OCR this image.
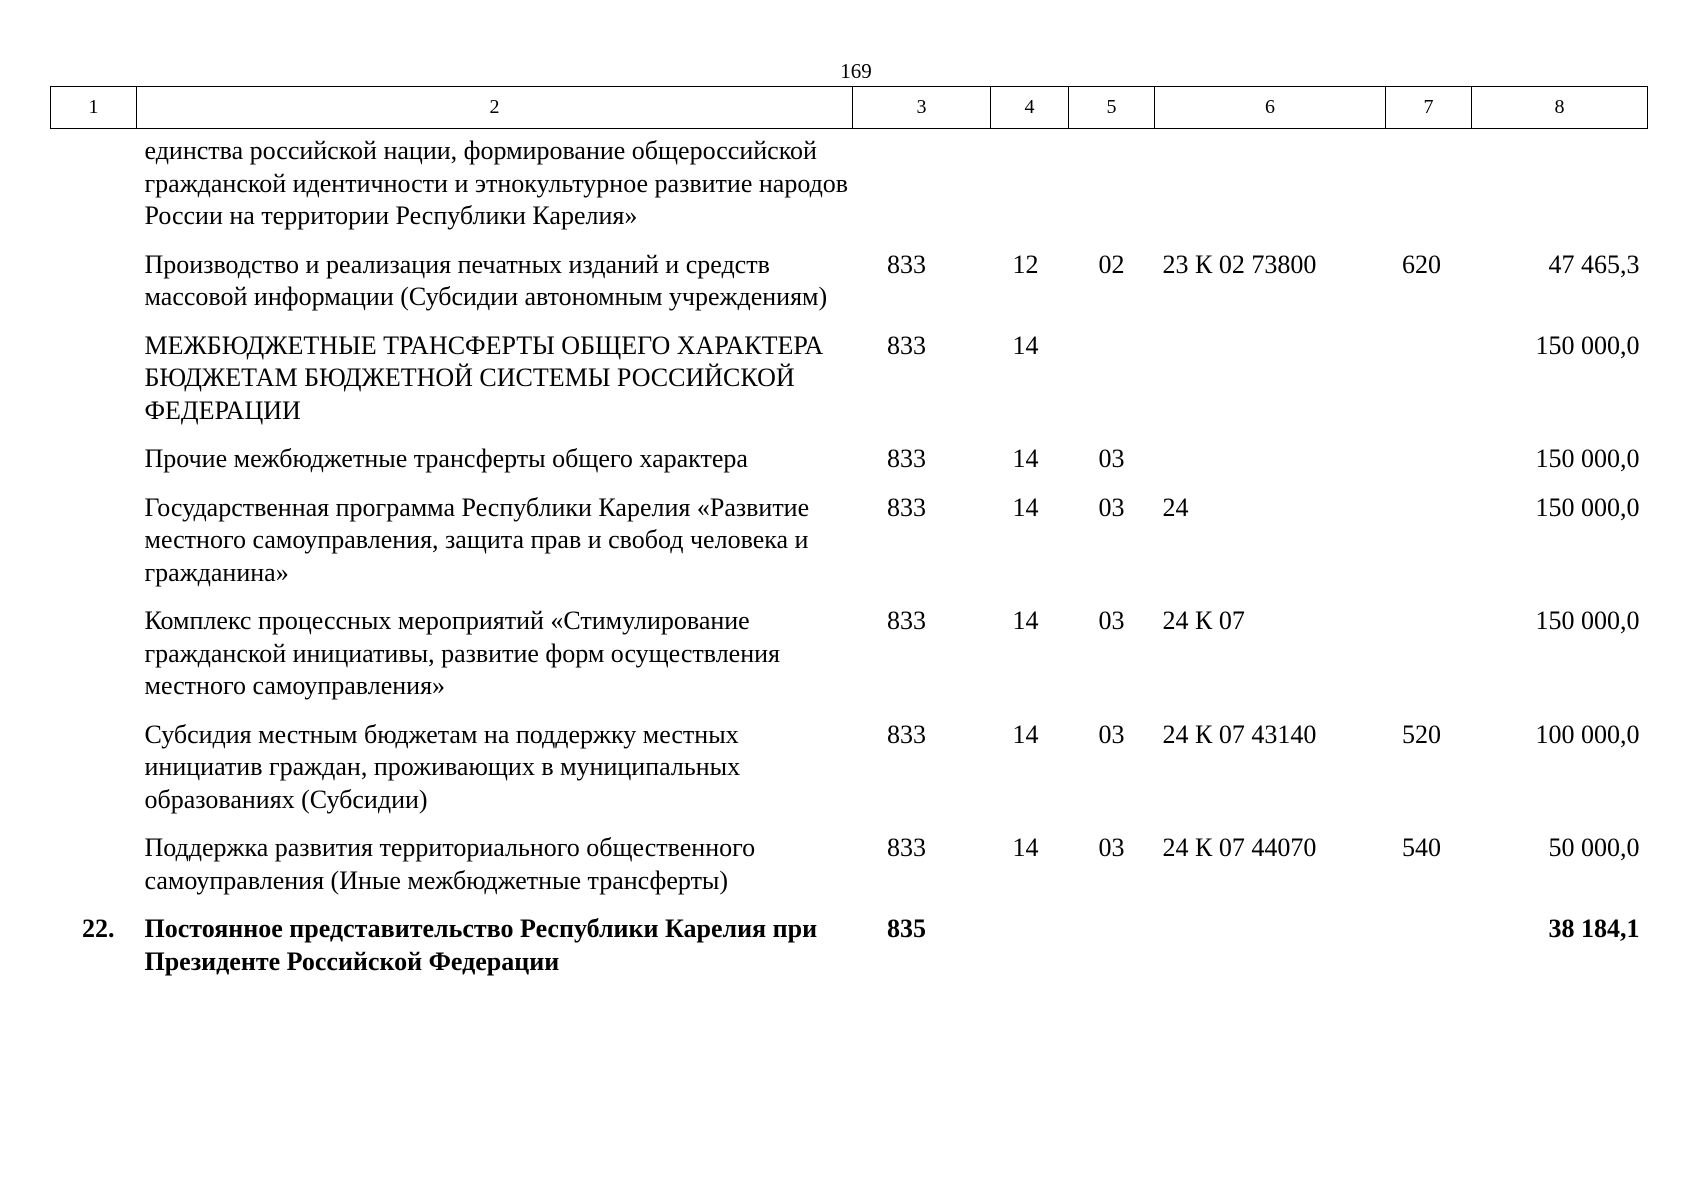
169
1	2	3	4	5	6	7	8
	единства российской нации, формирование общероссийской гражданской идентичности и этнокультурное развитие народов России на территории Республики Карелия»						
	Производство и реализация печатных изданий и средств массовой информации (Субсидии автономным учреждениям)	833	12	02	23 К 02 73800	620	47 465,3
	МЕЖБЮДЖЕТНЫЕ ТРАНСФЕРТЫ ОБЩЕГО ХАРАКТЕРА БЮДЖЕТАМ БЮДЖЕТНОЙ СИСТЕМЫ РОССИЙСКОЙ ФЕДЕРАЦИИ	833	14				150 000,0
	Прочие межбюджетные трансферты общего характера	833	14	03			150 000,0
	Государственная программа Республики Карелия «Развитие местного самоуправления, защита прав и свобод человека и гражданина»	833	14	03	24		150 000,0
	Комплекс процессных мероприятий «Стимулирование гражданской инициативы, развитие форм осуществления местного самоуправления»	833	14	03	24 К 07		150 000,0
	Субсидия местным бюджетам на поддержку местных инициатив граждан, проживающих в муниципальных образованиях (Субсидии)	833	14	03	24 К 07 43140	520	100 000,0
	Поддержка развития территориального общественного самоуправления (Иные межбюджетные трансферты)	833	14	03	24 К 07 44070	540	50 000,0
22.	Постоянное представительство Республики Карелия при Президенте Российской Федерации	835					38 184,1
